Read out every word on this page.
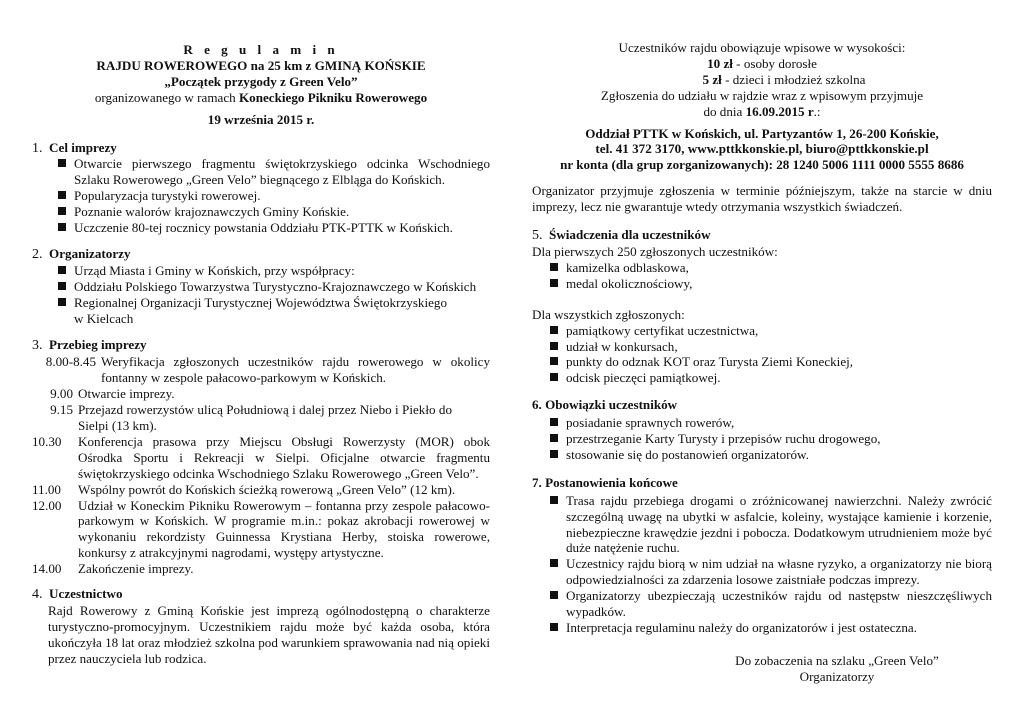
R e g u l a m i n
RAJDU ROWEROWEGO na 25 km z GMINĄ KOŃSKIE
„Początek przygody z Green Velo”
organizowanego w ramach Koneckiego Pikniku Rowerowego
19 września 2015 r.
1. Cel imprezy
Otwarcie pierwszego fragmentu świętokrzyskiego odcinka Wschodniego Szlaku Rowerowego „Green Velo” biegnącego z Elbląga do Końskich.
Popularyzacja turystyki rowerowej.
Poznanie walorów krajoznawczych Gminy Końskie.
Uczczenie 80-tej rocznicy powstania Oddziału PTK-PTTK w Końskich.
2. Organizatorzy
Urząd Miasta i Gminy w Końskich, przy współpracy:
Oddziału Polskiego Towarzystwa Turystyczno-Krajoznawczego w Końskich
Regionalnej Organizacji Turystycznej Województwa Świętokrzyskiego
w Kielcach
3. Przebieg imprezy
8.00-8.45 Weryfikacja zgłoszonych uczestników rajdu rowerowego w okolicy fontanny w zespole pałacowo-parkowym w Końskich.
9.00 Otwarcie imprezy.
9.15 Przejazd rowerzystów ulicą Południową i dalej przez Niebo i Piekło do Sielpi (13 km).
10.30	Konferencja prasowa przy Miejscu Obsługi Rowerzysty (MOR) obok Ośrodka Sportu i Rekreacji w Sielpi. Oficjalne otwarcie fragmentu świętokrzyskiego odcinka Wschodniego Szlaku Rowerowego „Green Velo”.
11.00	Wspólny powrót do Końskich ścieżką rowerową „Green Velo” (12 km).
12.00	Udział w Koneckim Pikniku Rowerowym – fontanna przy zespole pałacowo-parkowym w Końskich. W programie m.in.: pokaz akrobacji rowerowej w wykonaniu rekordzisty Guinnessa Krystiana Herby, stoiska rowerowe, konkursy z atrakcyjnymi nagrodami, występy artystyczne.
14.00	Zakończenie imprezy.
4. Uczestnictwo

Rajd Rowerowy z Gminą Końskie jest imprezą ogólnodostępną o charakterze turystyczno-promocyjnym. Uczestnikiem rajdu może być każda osoba, która ukończyła 18 lat oraz młodzież szkolna pod warunkiem sprawowania nad nią opieki przez nauczyciela lub rodzica.

Uczestników rajdu obowiązuje wpisowe w wysokości:
10 zł - osoby dorosłe
5 zł - dzieci i młodzież szkolna
Zgłoszenia do udziału w rajdzie wraz z wpisowym przyjmuje
do dnia 16.09.2015 r.:
Oddział PTTK w Końskich, ul. Partyzantów 1, 26-200 Końskie,
tel. 41 372 3170, www.pttkkonskie.pl, biuro@pttkkonskie.pl
nr konta (dla grup zorganizowanych): 28 1240 5006 1111 0000 5555 8686

Organizator przyjmuje zgłoszenia w terminie późniejszym, także na starcie w dniu imprezy, lecz nie gwarantuje wtedy otrzymania wszystkich świadczeń.

5. Świadczenia dla uczestników
Dla pierwszych 250 zgłoszonych uczestników:
kamizelka odblaskowa,
medal okolicznościowy,
Dla wszystkich zgłoszonych:
pamiątkowy certyfikat uczestnictwa,
udział w konkursach,
punkty do odznak KOT oraz Turysta Ziemi Koneckiej,
odcisk pieczęci pamiątkowej.
6. Obowiązki uczestników
posiadanie sprawnych rowerów,
przestrzeganie Karty Turysty i przepisów ruchu drogowego,
stosowanie się do postanowień organizatorów.
7. Postanowienia końcowe
Trasa rajdu przebiega drogami o zróżnicowanej nawierzchni. Należy zwrócić szczególną uwagę na ubytki w asfalcie, koleiny, wystające kamienie i korzenie, niebezpieczne krawędzie jezdni i pobocza. Dodatkowym utrudnieniem może być duże natężenie ruchu.
Uczestnicy rajdu biorą w nim udział na własne ryzyko, a organizatorzy nie biorą odpowiedzialności za zdarzenia losowe zaistniałe podczas imprezy.
Organizatorzy ubezpieczają uczestników rajdu od następstw nieszczęśliwych wypadków.
Interpretacja regulaminu należy do organizatorów i jest ostateczna.
Do zobaczenia na szlaku „Green Velo”
Organizatorzy
